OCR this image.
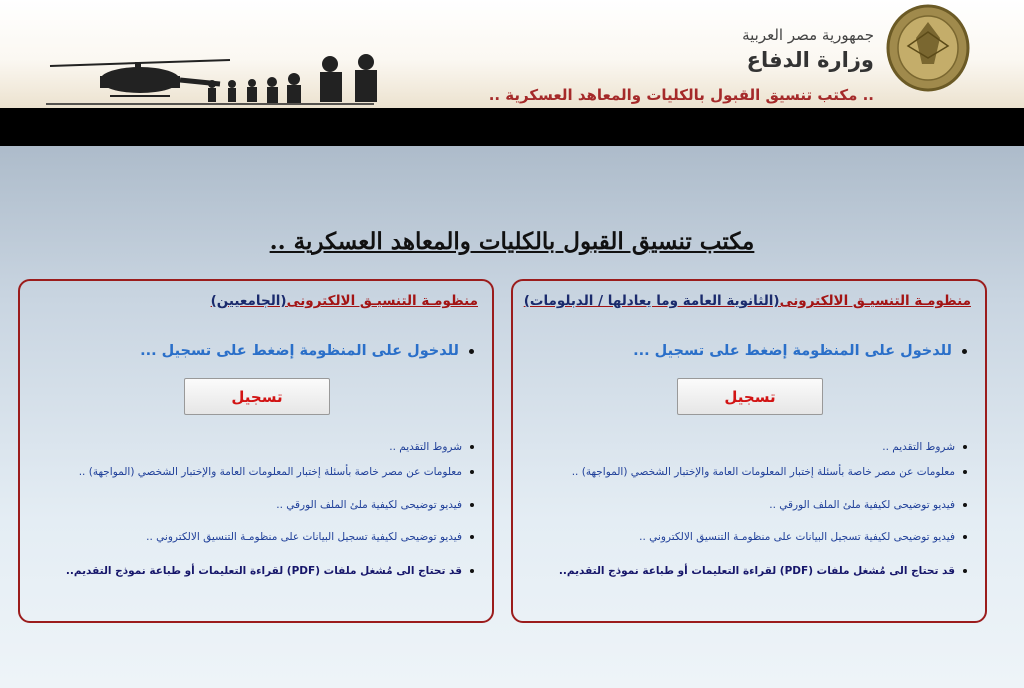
جمهورية مصر العربية
وزارة الدفاع
.. مكتب تنسيق القبول بالكليات والمعاهد العسكرية ..
مكتب تنسيق القبول بالكليات والمعاهد العسكرية ..
منظومـة التنسيـق الالكترونى(الثانوية العامة وما يعادلها / الدبلومات)
للدخول على المنظومة إضغط على تسجيل ...
تسجيل
شروط التقديم ..
معلومات عن مصر خاصة بأسئلة إختبار المعلومات العامة والإختبار الشخصي (المواجهة) ..
فيديو توضيحى لكيفية ملئ الملف الورقي ..
فيديو توضيحى لكيفية تسجيل البيانات على منظومـة التنسيق الالكتروني ..
قد تحتاج الى مُشغل ملفات (PDF) لقراءة التعليمات أو طباعة نموذج التقديم..
منظومـة التنسيـق الالكترونى(الجامعيين)
للدخول على المنظومة إضغط على تسجيل ...
تسجيل
شروط التقديم ..
معلومات عن مصر خاصة بأسئلة إختبار المعلومات العامة والإختبار الشخصي (المواجهة) ..
فيديو توضيحى لكيفية ملئ الملف الورقي ..
فيديو توضيحى لكيفية تسجيل البيانات على منظومـة التنسيق الالكتروني ..
قد تحتاج الى مُشغل ملفات (PDF) لقراءة التعليمات أو طباعة نموذج التقديم..
